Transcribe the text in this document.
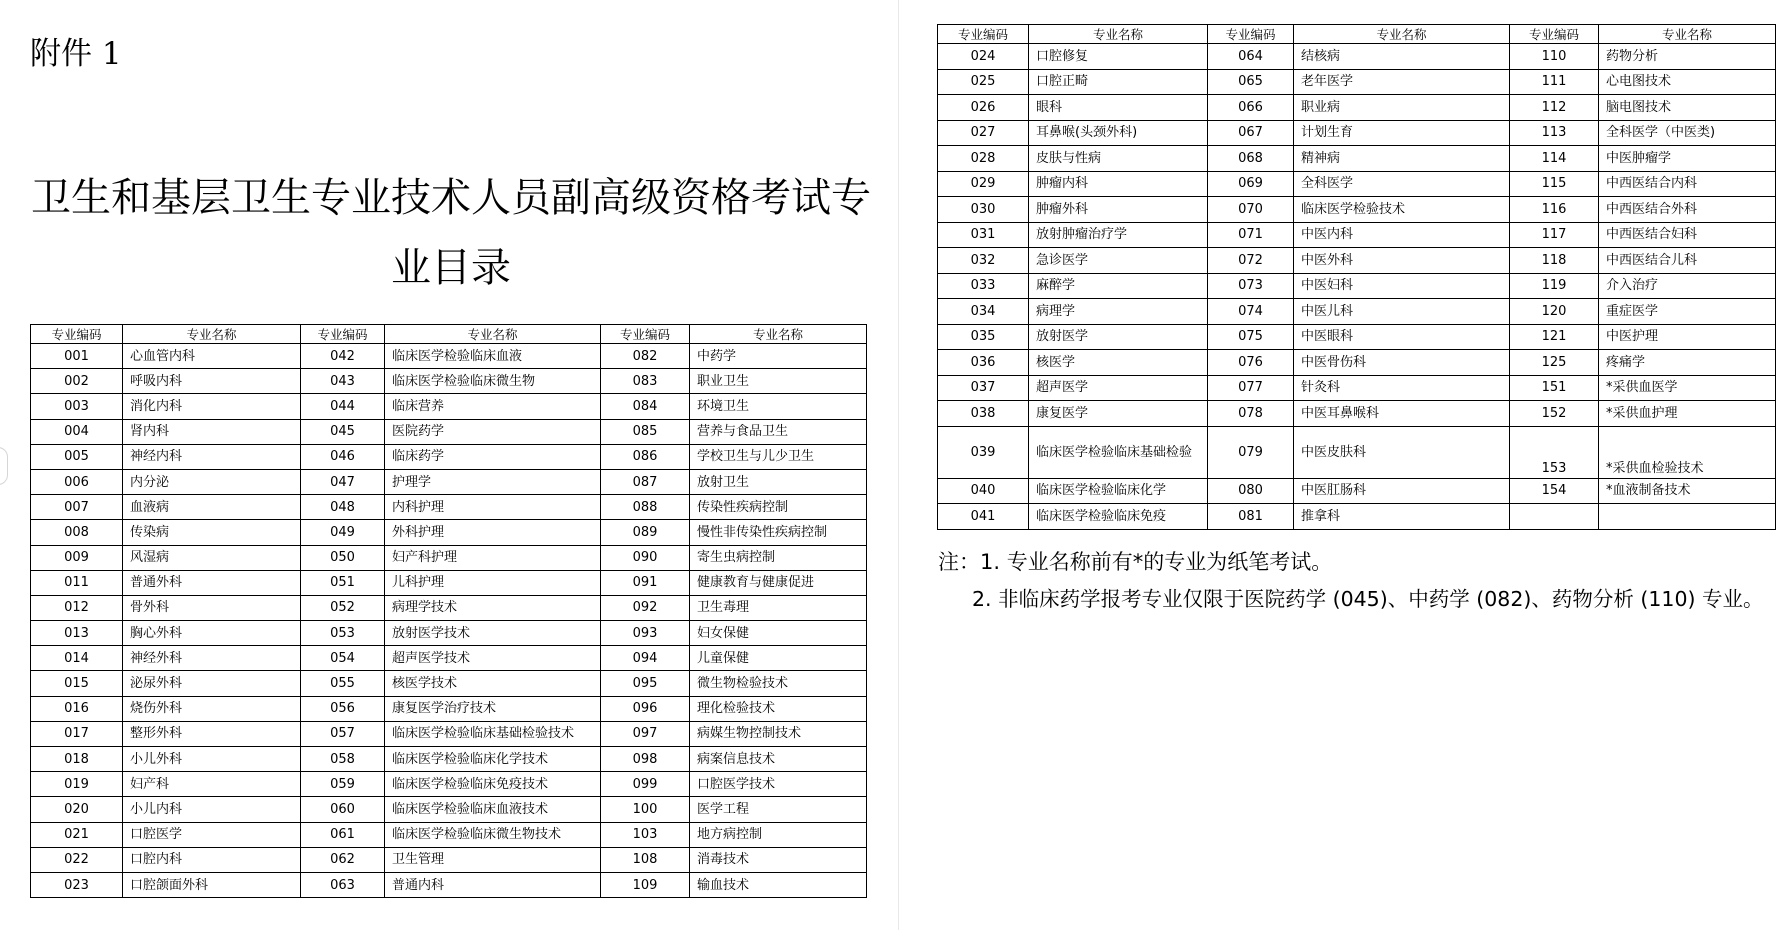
附件 1
卫生和基层卫生专业技术人员副高级资格考试专
业目录
专业编码	专业名称	专业编码	专业名称	专业编码	专业名称
001	心血管内科	042	临床医学检验临床血液	082	中药学
002	呼吸内科	043	临床医学检验临床微生物	083	职业卫生
003	消化内科	044	临床营养	084	环境卫生
004	肾内科	045	医院药学	085	营养与食品卫生
005	神经内科	046	临床药学	086	学校卫生与儿少卫生
006	内分泌	047	护理学	087	放射卫生
007	血液病	048	内科护理	088	传染性疾病控制
008	传染病	049	外科护理	089	慢性非传染性疾病控制
009	风湿病	050	妇产科护理	090	寄生虫病控制
011	普通外科	051	儿科护理	091	健康教育与健康促进
012	骨外科	052	病理学技术	092	卫生毒理
013	胸心外科	053	放射医学技术	093	妇女保健
014	神经外科	054	超声医学技术	094	儿童保健
015	泌尿外科	055	核医学技术	095	微生物检验技术
016	烧伤外科	056	康复医学治疗技术	096	理化检验技术
017	整形外科	057	临床医学检验临床基础检验技术	097	病媒生物控制技术
018	小儿外科	058	临床医学检验临床化学技术	098	病案信息技术
019	妇产科	059	临床医学检验临床免疫技术	099	口腔医学技术
020	小儿内科	060	临床医学检验临床血液技术	100	医学工程
021	口腔医学	061	临床医学检验临床微生物技术	103	地方病控制
022	口腔内科	062	卫生管理	108	消毒技术
023	口腔颌面外科	063	普通内科	109	输血技术
专业编码	专业名称	专业编码	专业名称	专业编码	专业名称
024	口腔修复	064	结核病	110	药物分析
025	口腔正畸	065	老年医学	111	心电图技术
026	眼科	066	职业病	112	脑电图技术
027	耳鼻喉(头颈外科)	067	计划生育	113	全科医学（中医类)
028	皮肤与性病	068	精神病	114	中医肿瘤学
029	肿瘤内科	069	全科医学	115	中西医结合内科
030	肿瘤外科	070	临床医学检验技术	116	中西医结合外科
031	放射肿瘤治疗学	071	中医内科	117	中西医结合妇科
032	急诊医学	072	中医外科	118	中西医结合儿科
033	麻醉学	073	中医妇科	119	介入治疗
034	病理学	074	中医儿科	120	重症医学
035	放射医学	075	中医眼科	121	中医护理
036	核医学	076	中医骨伤科	125	疼痛学
037	超声医学	077	针灸科	151	*采供血医学
038	康复医学	078	中医耳鼻喉科	152	*采供血护理
039	临床医学检验临床基础检验	079	中医皮肤科	153	*采供血检验技术
040	临床医学检验临床化学	080	中医肛肠科	154	*血液制备技术
041	临床医学检验临床免疫	081	推拿科		
注：1. 专业名称前有*的专业为纸笔考试。
2. 非临床药学报考专业仅限于医院药学 (045)、中药学 (082)、药物分析 (110) 专业。
